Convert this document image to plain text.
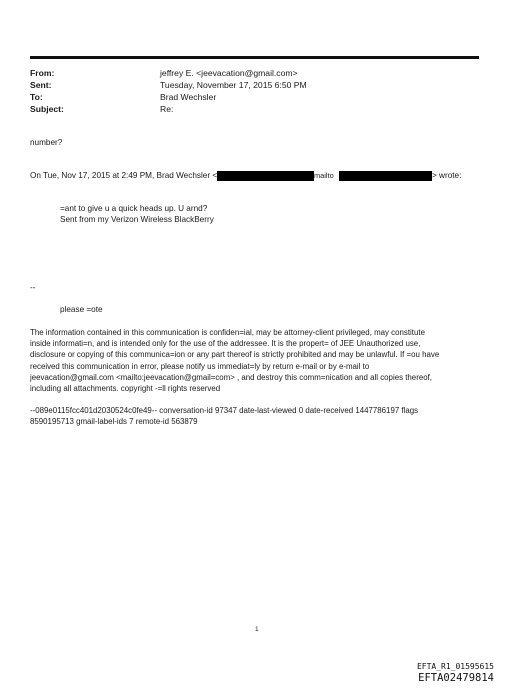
From:	jeffrey E. <jeevacation@gmail.com>
Sent:	Tuesday, November 17, 2015 6:50 PM
To:	Brad Wechsler
Subject:	Re:
number?
On Tue, Nov 17, 2015 at 2:49 PM, Brad Wechsler <	mailto	> wrote:
=ant to give u a quick heads up. U arnd?
Sent from my Verizon Wireless BlackBerry
--
please =ote
The information contained in this communication is confiden=ial, may be attorney-client privileged, may constitute
inside informati=n, and is intended only for the use of the addressee. It is the propert= of JEE Unauthorized use,
disclosure or copying of this communica=ion or any part thereof is strictly prohibited and may be unlawful. If =ou have
received this communication in error, please notify us immediat=ly by return e-mail or by e-mail to
jeevacation@gmail.com <mailto:jeevacation@gmail=com> , and destroy this comm=nication and all copies thereof,
including all attachments. copyright -=ll rights reserved
--089e0115fcc401d2030524c0fe49-- conversation-id 97347 date-last-viewed 0 date-received 1447786197 flags
8590195713 gmail-label-ids 7 remote-id 563879
1
EFTA_R1_01595615
EFTA02479814
